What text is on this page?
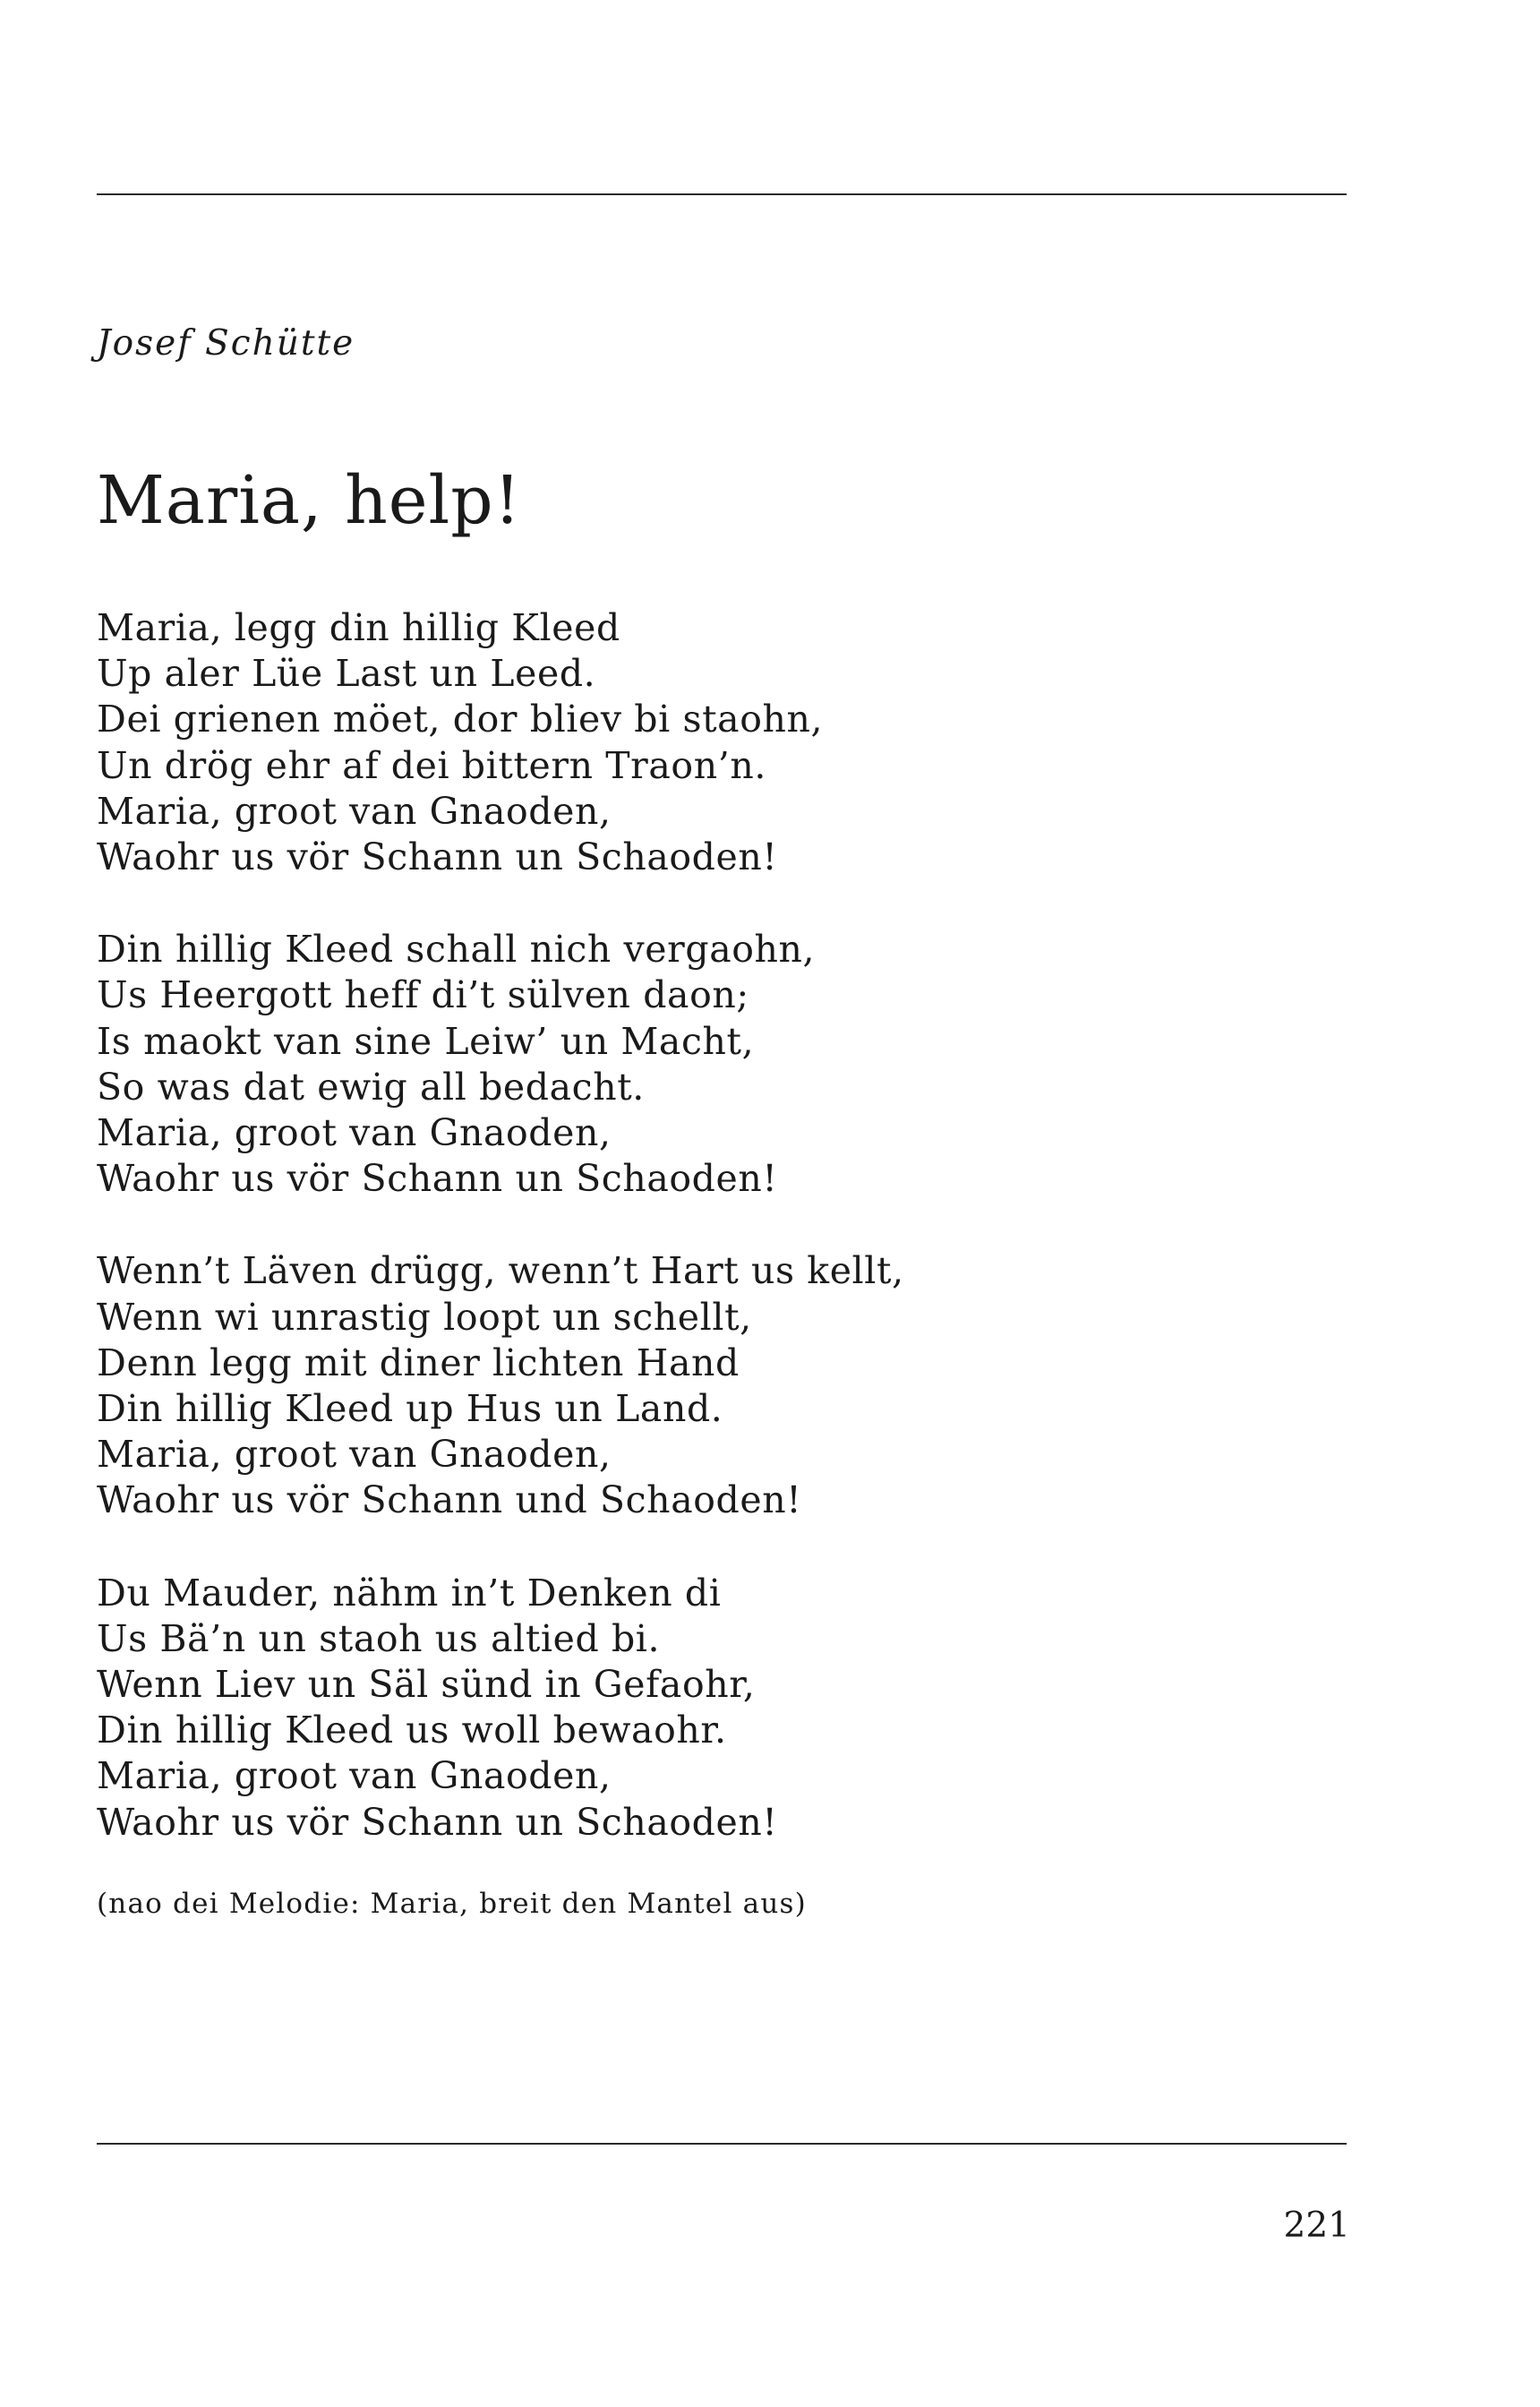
Josef Schütte
Maria, help!
Maria, legg din hillig Kleed
Up aler Lüe Last un Leed.
Dei grienen möet, dor bliev bi staohn,
Un drög ehr af dei bittern Traon’n.
Maria, groot van Gnaoden,
Waohr us vör Schann un Schaoden!
Din hillig Kleed schall nich vergaohn,
Us Heergott heff di’t sülven daon;
Is maokt van sine Leiw’ un Macht,
So was dat ewig all bedacht.
Maria, groot van Gnaoden,
Waohr us vör Schann un Schaoden!
Wenn’t Läven drügg, wenn’t Hart us kellt,
Wenn wi unrastig loopt un schellt,
Denn legg mit diner lichten Hand
Din hillig Kleed up Hus un Land.
Maria, groot van Gnaoden,
Waohr us vör Schann und Schaoden!
Du Mauder, nähm in’t Denken di
Us Bä’n un staoh us altied bi.
Wenn Liev un Säl sünd in Gefaohr,
Din hillig Kleed us woll bewaohr.
Maria, groot van Gnaoden,
Waohr us vör Schann un Schaoden!
(nao dei Melodie: Maria, breit den Mantel aus)
221
